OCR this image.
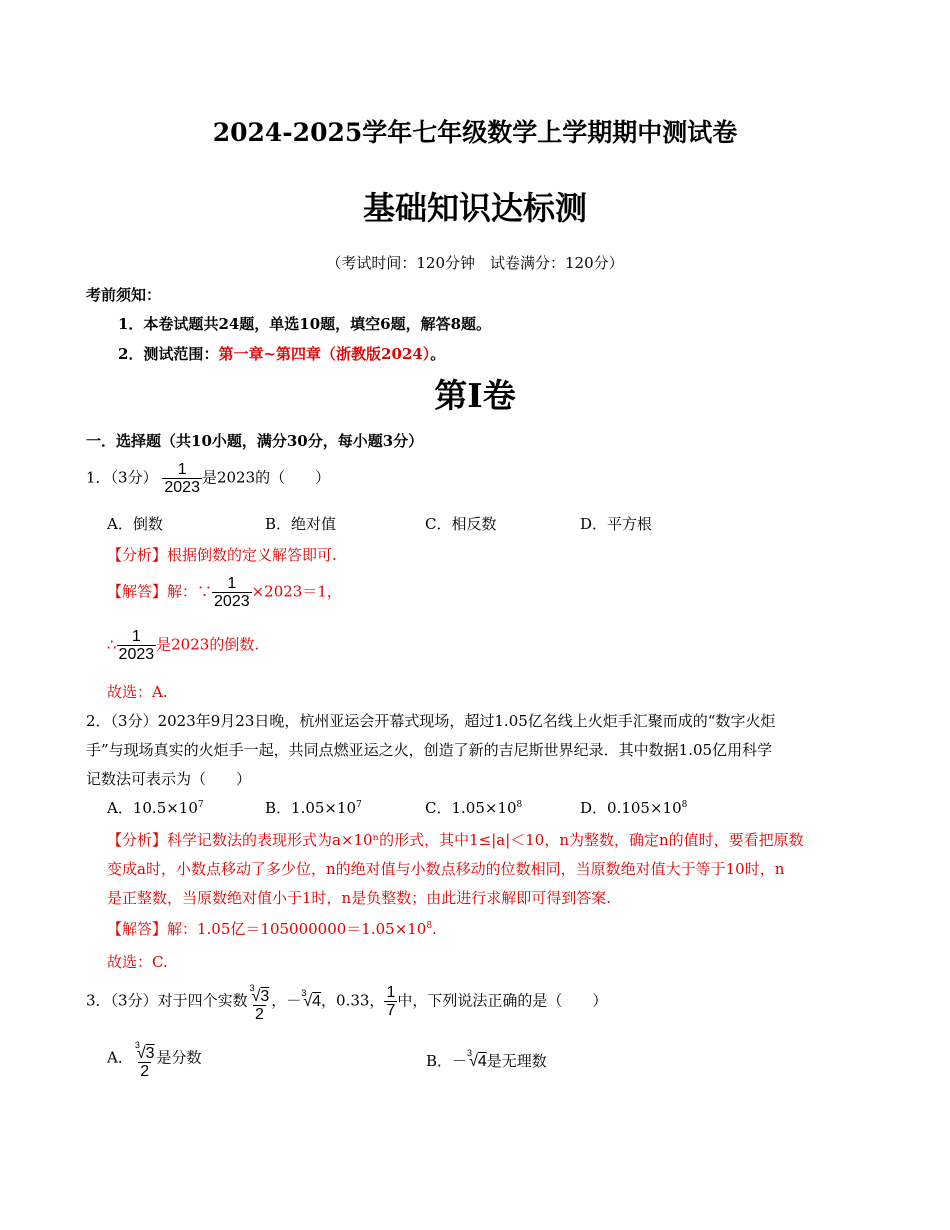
2024-2025学年七年级数学上学期期中测试卷
基础知识达标测
（考试时间：120分钟　试卷满分：120分）
考前须知：
1．本卷试题共24题，单选10题，填空6题，解答8题。
2．测试范围：第一章~第四章（浙教版2024）。
第Ⅰ卷
一．选择题（共10小题，满分30分，每小题3分）
1．（3分） $\frac{1}{2023}$ 是2023的（　　）
A．倒数	B．绝对值	C．相反数	D．平方根
【分析】根据倒数的定义解答即可.
【解答】解：∵ $\frac{1}{2023} \times 2023=1$，
∴ $\frac{1}{2023}$ 是2023的倒数.
故选：A.
2．（3分）2023年9月23日晚，杭州亚运会开幕式现场，超过1.05亿名线上火炬手汇聚而成的“数字火炬
手”与现场真实的火炬手一起，共同点燃亚运之火，创造了新的吉尼斯世界纪录．其中数据1.05亿用科学
记数法可表示为（　　）
A．$10.5\times 10^7$	B．$1.05\times 10^7$	C．$1.05\times 10^8$	D．$0.105\times 10^8$
【分析】科学记数法的表现形式为a×10ⁿ的形式，其中1≤|a|＜10，n为整数，确定n的值时，要看把原数
变成a时，小数点移动了多少位，n的绝对值与小数点移动的位数相同，当原数绝对值大于等于10时，n
是正整数，当原数绝对值小于1时，n是负整数；由此进行求解即可得到答案.
【解答】解：1.05亿$=105000000=1.05\times 10^8$.
故选：C.
3．（3分）对于四个实数 $\frac{^3√3}{2}$ ，－$^3$√4，0.33， $\frac{1}{7}$ 中，下列说法正确的是（　　）
A． $\frac{^3√3}{2}$ 是分数	B．－$^3$√4是无理数
